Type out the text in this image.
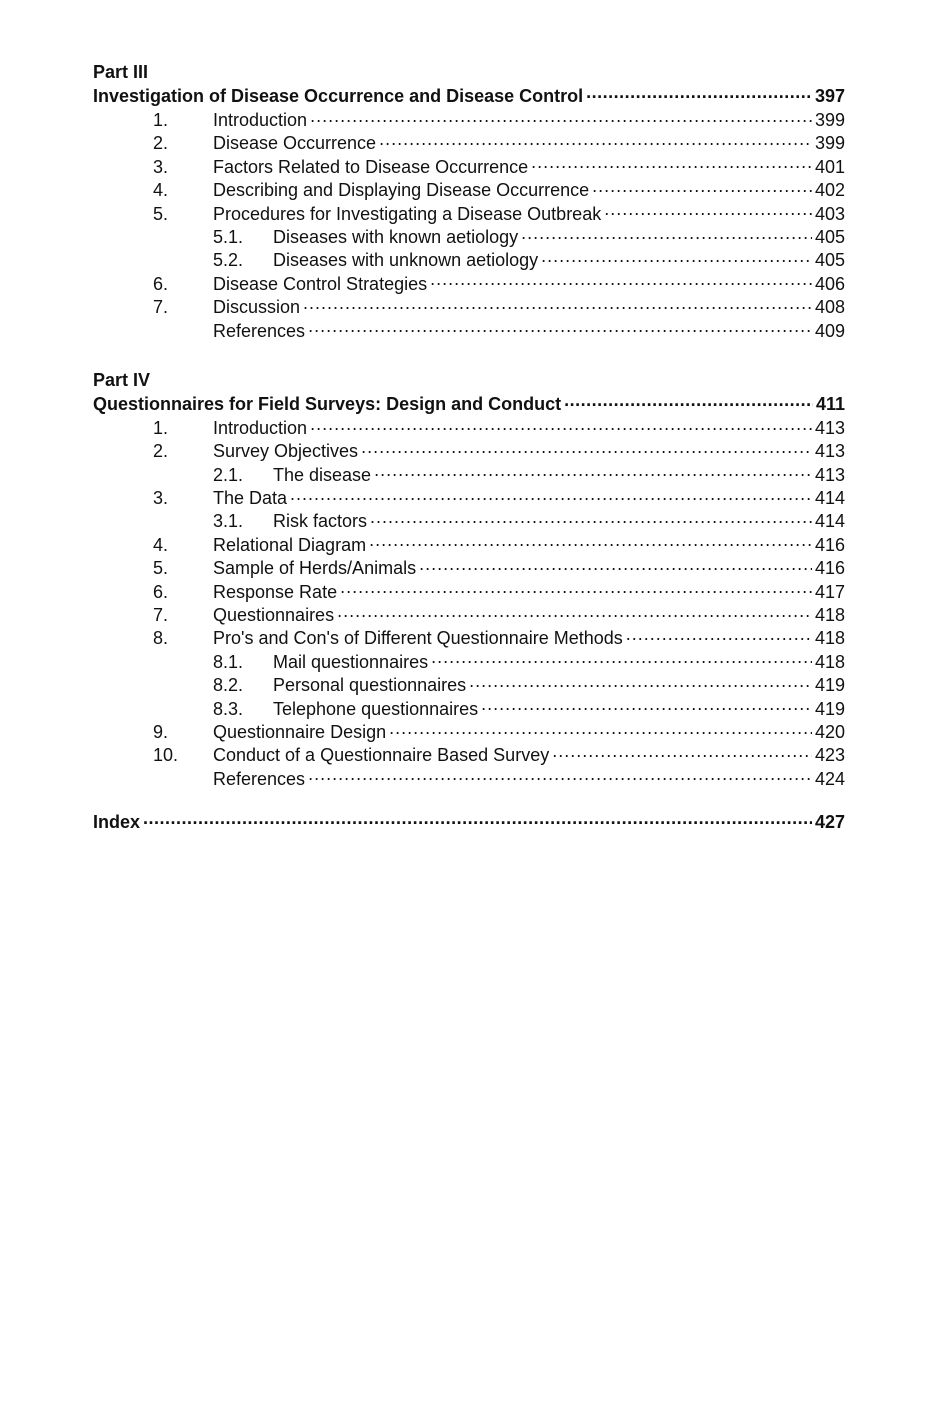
Part III
Investigation of Disease Occurrence and Disease Control .....	397
1.	Introduction .....	399
2.	Disease Occurrence .....	399
3.	Factors Related to Disease Occurrence .....	401
4.	Describing and Displaying Disease Occurrence .....	402
5.	Procedures for Investigating a Disease Outbreak .....	403
5.1.	Diseases with known aetiology .....	405
5.2.	Diseases with unknown aetiology .....	405
6.	Disease Control Strategies .....	406
7.	Discussion .....	408
References .....	409
Part IV
Questionnaires for Field Surveys: Design and Conduct .....	411
1.	Introduction .....	413
2.	Survey Objectives .....	413
2.1.	The disease .....	413
3.	The Data .....	414
3.1.	Risk factors .....	414
4.	Relational Diagram .....	416
5.	Sample of Herds/Animals .....	416
6.	Response Rate .....	417
7.	Questionnaires .....	418
8.	Pro's and Con's of Different Questionnaire Methods .....	418
8.1.	Mail questionnaires .....	418
8.2.	Personal questionnaires .....	419
8.3.	Telephone questionnaires .....	419
9.	Questionnaire Design .....	420
10.	Conduct of a Questionnaire Based Survey .....	423
References .....	424
Index .....	427
